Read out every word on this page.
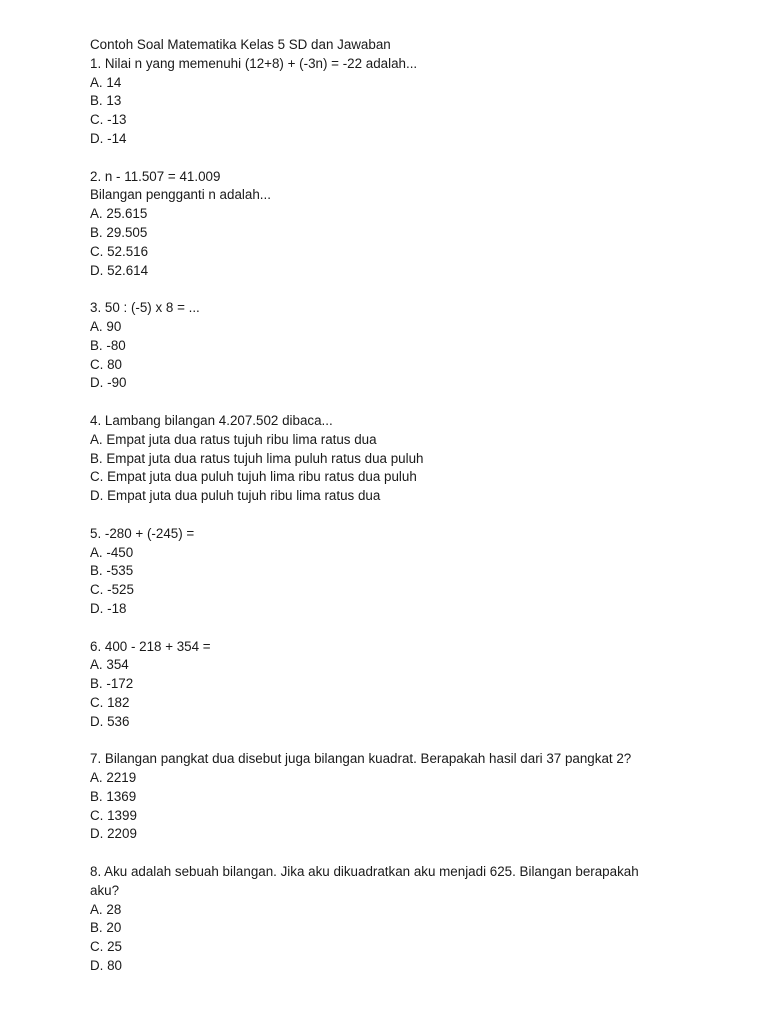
Contoh Soal Matematika Kelas 5 SD dan Jawaban
1. Nilai n yang memenuhi (12+8) + (-3n) = -22 adalah...
A. 14
B. 13
C. -13
D. -14
2. n - 11.507 = 41.009
Bilangan pengganti n adalah...
A. 25.615
B. 29.505
C. 52.516
D. 52.614
3. 50 : (-5) x 8 = ...
A. 90
B. -80
C. 80
D. -90
4. Lambang bilangan 4.207.502 dibaca...
A. Empat juta dua ratus tujuh ribu lima ratus dua
B. Empat juta dua ratus tujuh lima puluh ratus dua puluh
C. Empat juta dua puluh tujuh lima ribu ratus dua puluh
D. Empat juta dua puluh tujuh ribu lima ratus dua
5. -280 + (-245) =
A. -450
B. -535
C. -525
D. -18
6. 400 - 218 + 354 =
A. 354
B. -172
C. 182
D. 536
7. Bilangan pangkat dua disebut juga bilangan kuadrat. Berapakah hasil dari 37 pangkat 2?
A. 2219
B. 1369
C. 1399
D. 2209
8. Aku adalah sebuah bilangan. Jika aku dikuadratkan aku menjadi 625. Bilangan berapakah
aku?
A. 28
B. 20
C. 25
D. 80
